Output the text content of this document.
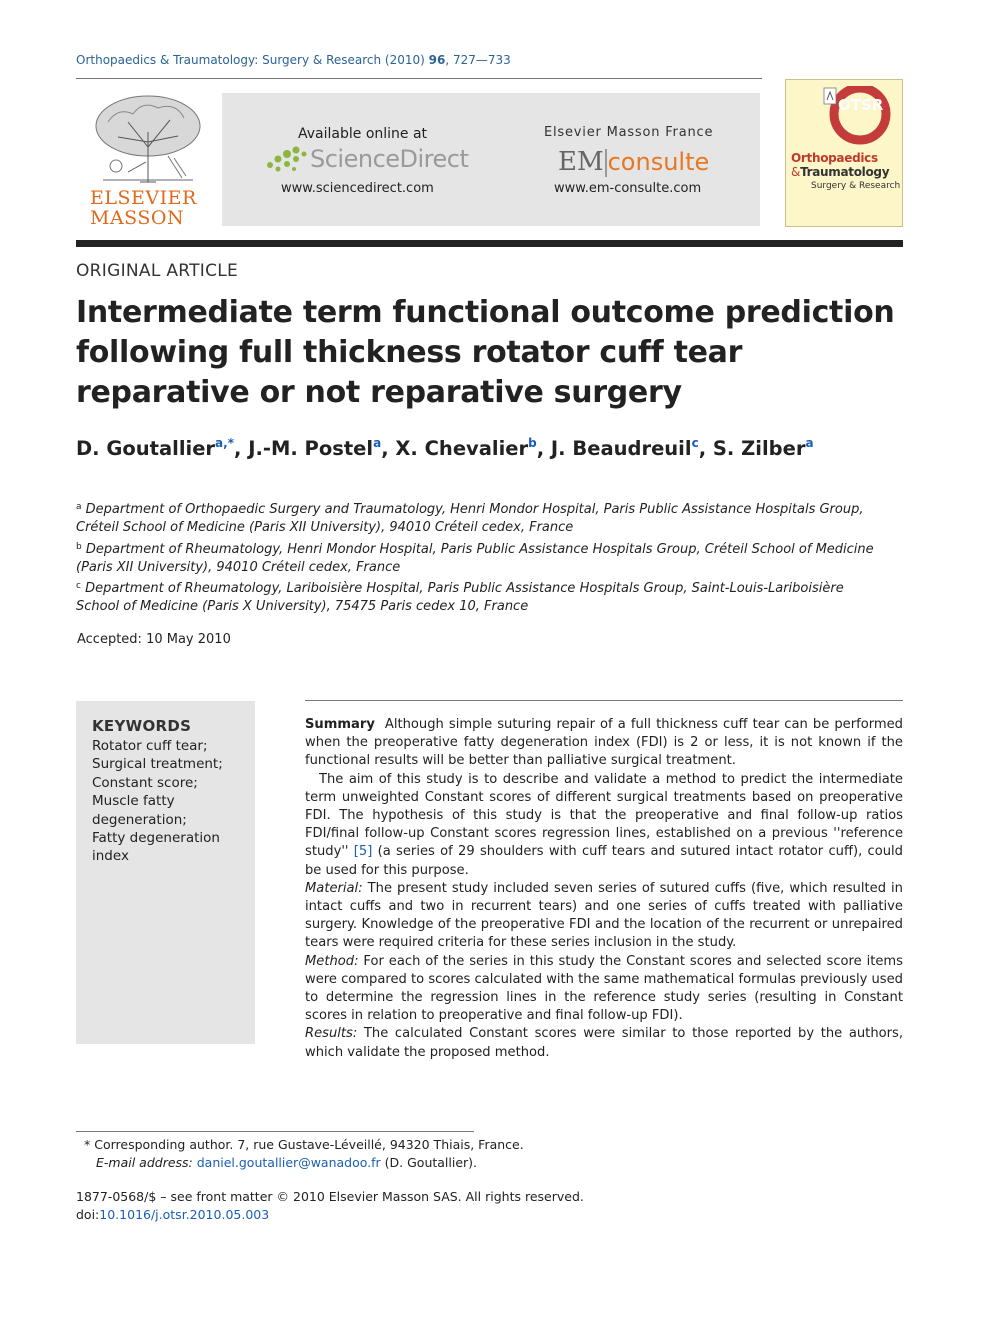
Orthopaedics & Traumatology: Surgery & Research (2010) 96, 727—733
ELSEVIER
MASSON
Available online at
ScienceDirect
www.sciencedirect.com
Elsevier Masson France
EM consulte
www.em-consulte.com
OTSR
Orthopaedics
&Traumatology
Surgery & Research
ORIGINAL ARTICLE
Intermediate term functional outcome prediction following full thickness rotator cuff tear reparative or not reparative surgery
D. Goutallier$^{a,*}$, J.-M. Postel$^a$, X. Chevalier$^b$, J. Beaudreuil$^c$, S. Zilber$^a$
$^a$ Department of Orthopaedic Surgery and Traumatology, Henri Mondor Hospital, Paris Public Assistance Hospitals Group,
Créteil School of Medicine (Paris XII University), 94010 Créteil cedex, France
$^b$ Department of Rheumatology, Henri Mondor Hospital, Paris Public Assistance Hospitals Group, Créteil School of Medicine
(Paris XII University), 94010 Créteil cedex, France
$^c$ Department of Rheumatology, Lariboisière Hospital, Paris Public Assistance Hospitals Group, Saint-Louis-Lariboisière
School of Medicine (Paris X University), 75475 Paris cedex 10, France
Accepted: 10 May 2010
KEYWORDS
Rotator cuff tear;
Surgical treatment;
Constant score;
Muscle fatty
degeneration;
Fatty degeneration
index

Summary Although simple suturing repair of a full thickness cuff tear can be performed when the preoperative fatty degeneration index (FDI) is 2 or less, it is not known if the functional results will be better than palliative surgical treatment.

The aim of this study is to describe and validate a method to predict the intermediate term unweighted Constant scores of different surgical treatments based on preoperative FDI. The hypothesis of this study is that the preoperative and final follow-up ratios FDI/final follow-up Constant scores regression lines, established on a previous ''reference study'' [5] (a series of 29 shoulders with cuff tears and sutured intact rotator cuff), could be used for this purpose.

Material: The present study included seven series of sutured cuffs (five, which resulted in intact cuffs and two in recurrent tears) and one series of cuffs treated with palliative surgery. Knowledge of the preoperative FDI and the location of the recurrent or unrepaired tears were required criteria for these series inclusion in the study.

Method: For each of the series in this study the Constant scores and selected score items were compared to scores calculated with the same mathematical formulas previously used to determine the regression lines in the reference study series (resulting in Constant scores in relation to preoperative and final follow-up FDI).

Results: The calculated Constant scores were similar to those reported by the authors, which validate the proposed method.

* Corresponding author. 7, rue Gustave-Léveillé, 94320 Thiais, France.
E-mail address: daniel.goutallier@wanadoo.fr (D. Goutallier).
1877-0568/$ – see front matter © 2010 Elsevier Masson SAS. All rights reserved.
doi:10.1016/j.otsr.2010.05.003
